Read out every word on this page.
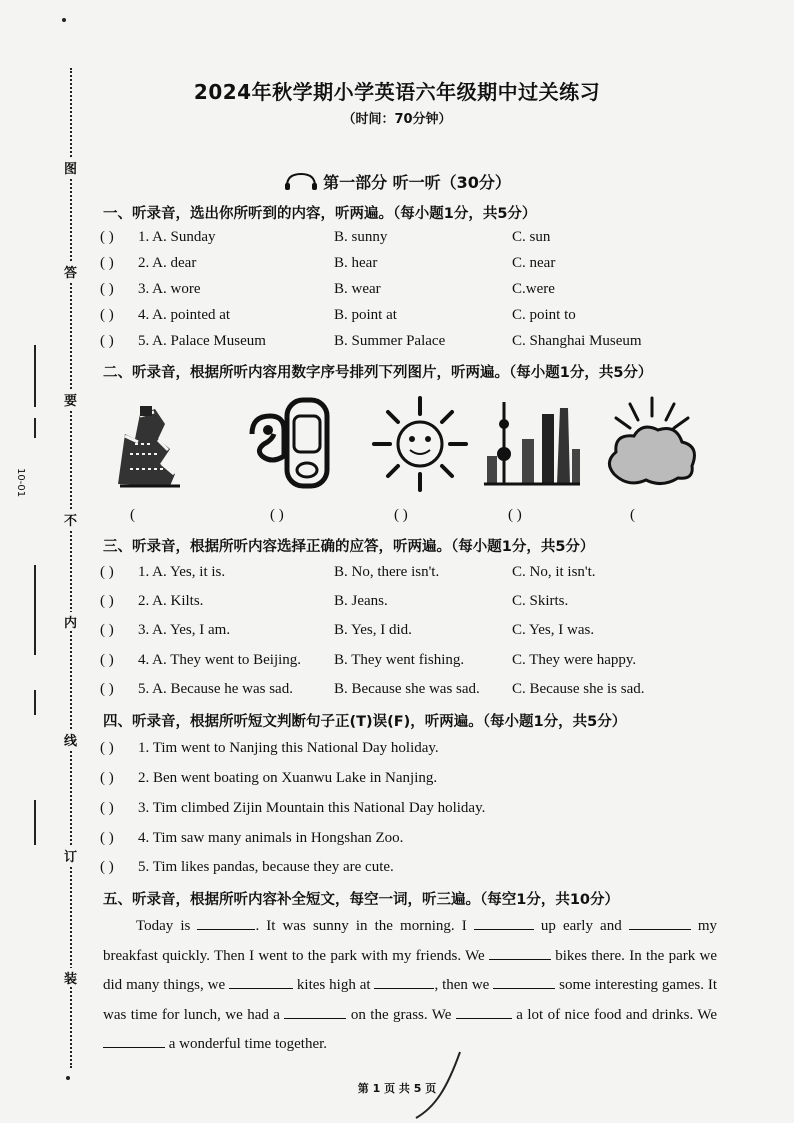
图
答
要
不
内
线
订
装
10-01
2024年秋学期小学英语六年级期中过关练习
（时间：70分钟）
第一部分 听一听（30分）
一、听录音，选出你所听到的内容，听两遍。（每小题1分，共5分）
( ) 1. A. Sunday	B. sunny	C. sun
( ) 2. A. dear	B. hear	C. near
( ) 3. A. wore	B. wear	C.were
( ) 4. A. pointed at	B. point at	C. point to
( ) 5. A. Palace Museum	B. Summer Palace	C. Shanghai Museum
二、听录音，根据所听内容用数字序号排列下列图片，听两遍。（每小题1分，共5分）
(	( )	( )	( )	(
三、听录音，根据所听内容选择正确的应答，听两遍。（每小题1分，共5分）
( ) 1. A. Yes, it is.	B. No, there isn't.	C. No, it isn't.
( ) 2. A. Kilts.	B. Jeans.	C. Skirts.
( ) 3. A. Yes, I am.	B. Yes, I did.	C. Yes, I was.
( ) 4. A. They went to Beijing. B. They went fishing.	C. They were happy.
( ) 5. A. Because he was sad.	B. Because she was sad. C. Because she is sad.
四、听录音，根据所听短文判断句子正(T)误(F)，听两遍。（每小题1分，共5分）
( ) 1. Tim went to Nanjing this National Day holiday.
( ) 2. Ben went boating on Xuanwu Lake in Nanjing.
( ) 3. Tim climbed Zijin Mountain this National Day holiday.
( ) 4. Tim saw many animals in Hongshan Zoo.
( ) 5. Tim likes pandas, because they are cute.
五、听录音，根据所听内容补全短文，每空一词，听三遍。（每空1分，共10分）
Today is	. It was sunny in the morning. I	up early and	my breakfast quickly. Then I went to the park with my friends. We	bikes there. In the park we did many things, we	kites high at	, then we	some interesting games. It was time for lunch, we had a	on the grass. We	a lot of nice food and drinks. We  a wonderful time together.
第 1 页 共 5 页
